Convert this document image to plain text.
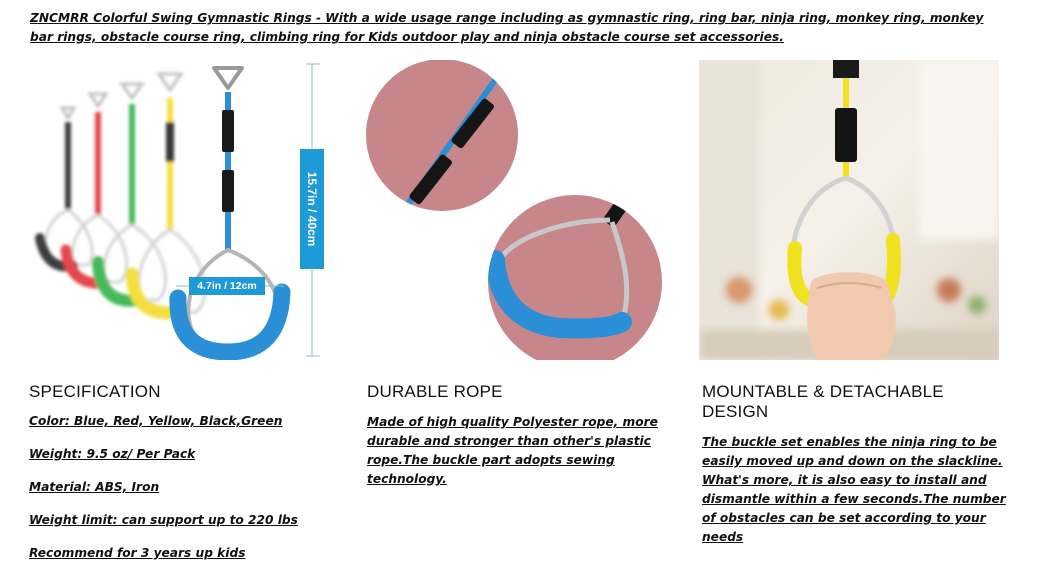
ZNCMRR Colorful Swing Gymnastic Rings - With a wide usage range including as gymnastic ring, ring bar, ninja ring, monkey ring, monkey bar rings, obstacle course ring, climbing ring for Kids outdoor play and ninja obstacle course set accessories.
4.7in / 12cm
15.7in / 40cm
SPECIFICATION
Color: Blue, Red, Yellow, Black,Green
Weight: 9.5 oz/ Per Pack
Material: ABS, Iron
Weight limit: can support up to 220 lbs
Recommend for 3 years up kids
DURABLE ROPE

Made of high quality Polyester rope, more durable and stronger than other's plastic rope.The buckle part adopts sewing technology.

MOUNTABLE & DETACHABLE DESIGN

The buckle set enables the ninja ring to be easily moved up and down on the slackline. What's more, it is also easy to install and dismantle within a few seconds.The number of obstacles can be set according to your needs
